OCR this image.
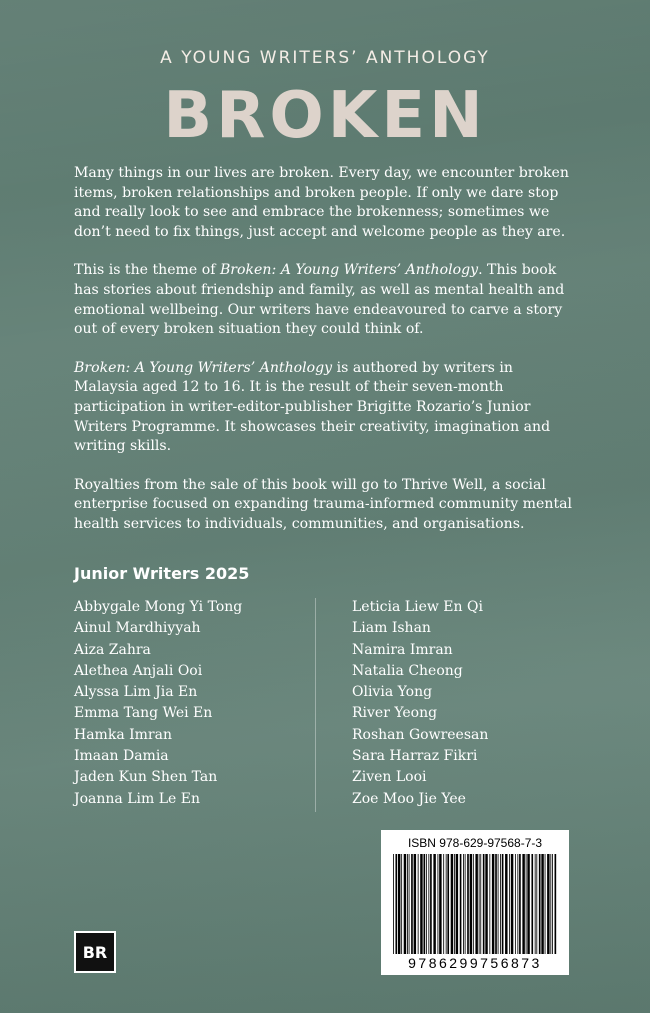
A YOUNG WRITERS’ ANTHOLOGY
BROKEN

Many things in our lives are broken. Every day, we encounter broken items, broken relationships and broken people. If only we dare stop and really look to see and embrace the brokenness; sometimes we don’t need to fix things, just accept and welcome people as they are.

This is the theme of Broken: A Young Writers’ Anthology. This book has stories about friendship and family, as well as mental health and emotional wellbeing. Our writers have endeavoured to carve a story out of every broken situation they could think of.

Broken: A Young Writers’ Anthology is authored by writers in Malaysia aged 12 to 16. It is the result of their seven-month participation in writer-editor-publisher Brigitte Rozario’s Junior Writers Programme. It showcases their creativity, imagination and writing skills.

Royalties from the sale of this book will go to Thrive Well, a social enterprise focused on expanding trauma-informed community mental health services to individuals, communities, and organisations.

Junior Writers 2025
Abbygale Mong Yi Tong
Ainul Mardhiyyah
Aiza Zahra
Alethea Anjali Ooi
Alyssa Lim Jia En
Emma Tang Wei En
Hamka Imran
Imaan Damia
Jaden Kun Shen Tan
Joanna Lim Le En
Leticia Liew En Qi
Liam Ishan
Namira Imran
Natalia Cheong
Olivia Yong
River Yeong
Roshan Gowreesan
Sara Harraz Fikri
Ziven Looi
Zoe Moo Jie Yee
ISBN 978-629-97568-7-3
9786299756873
BR
